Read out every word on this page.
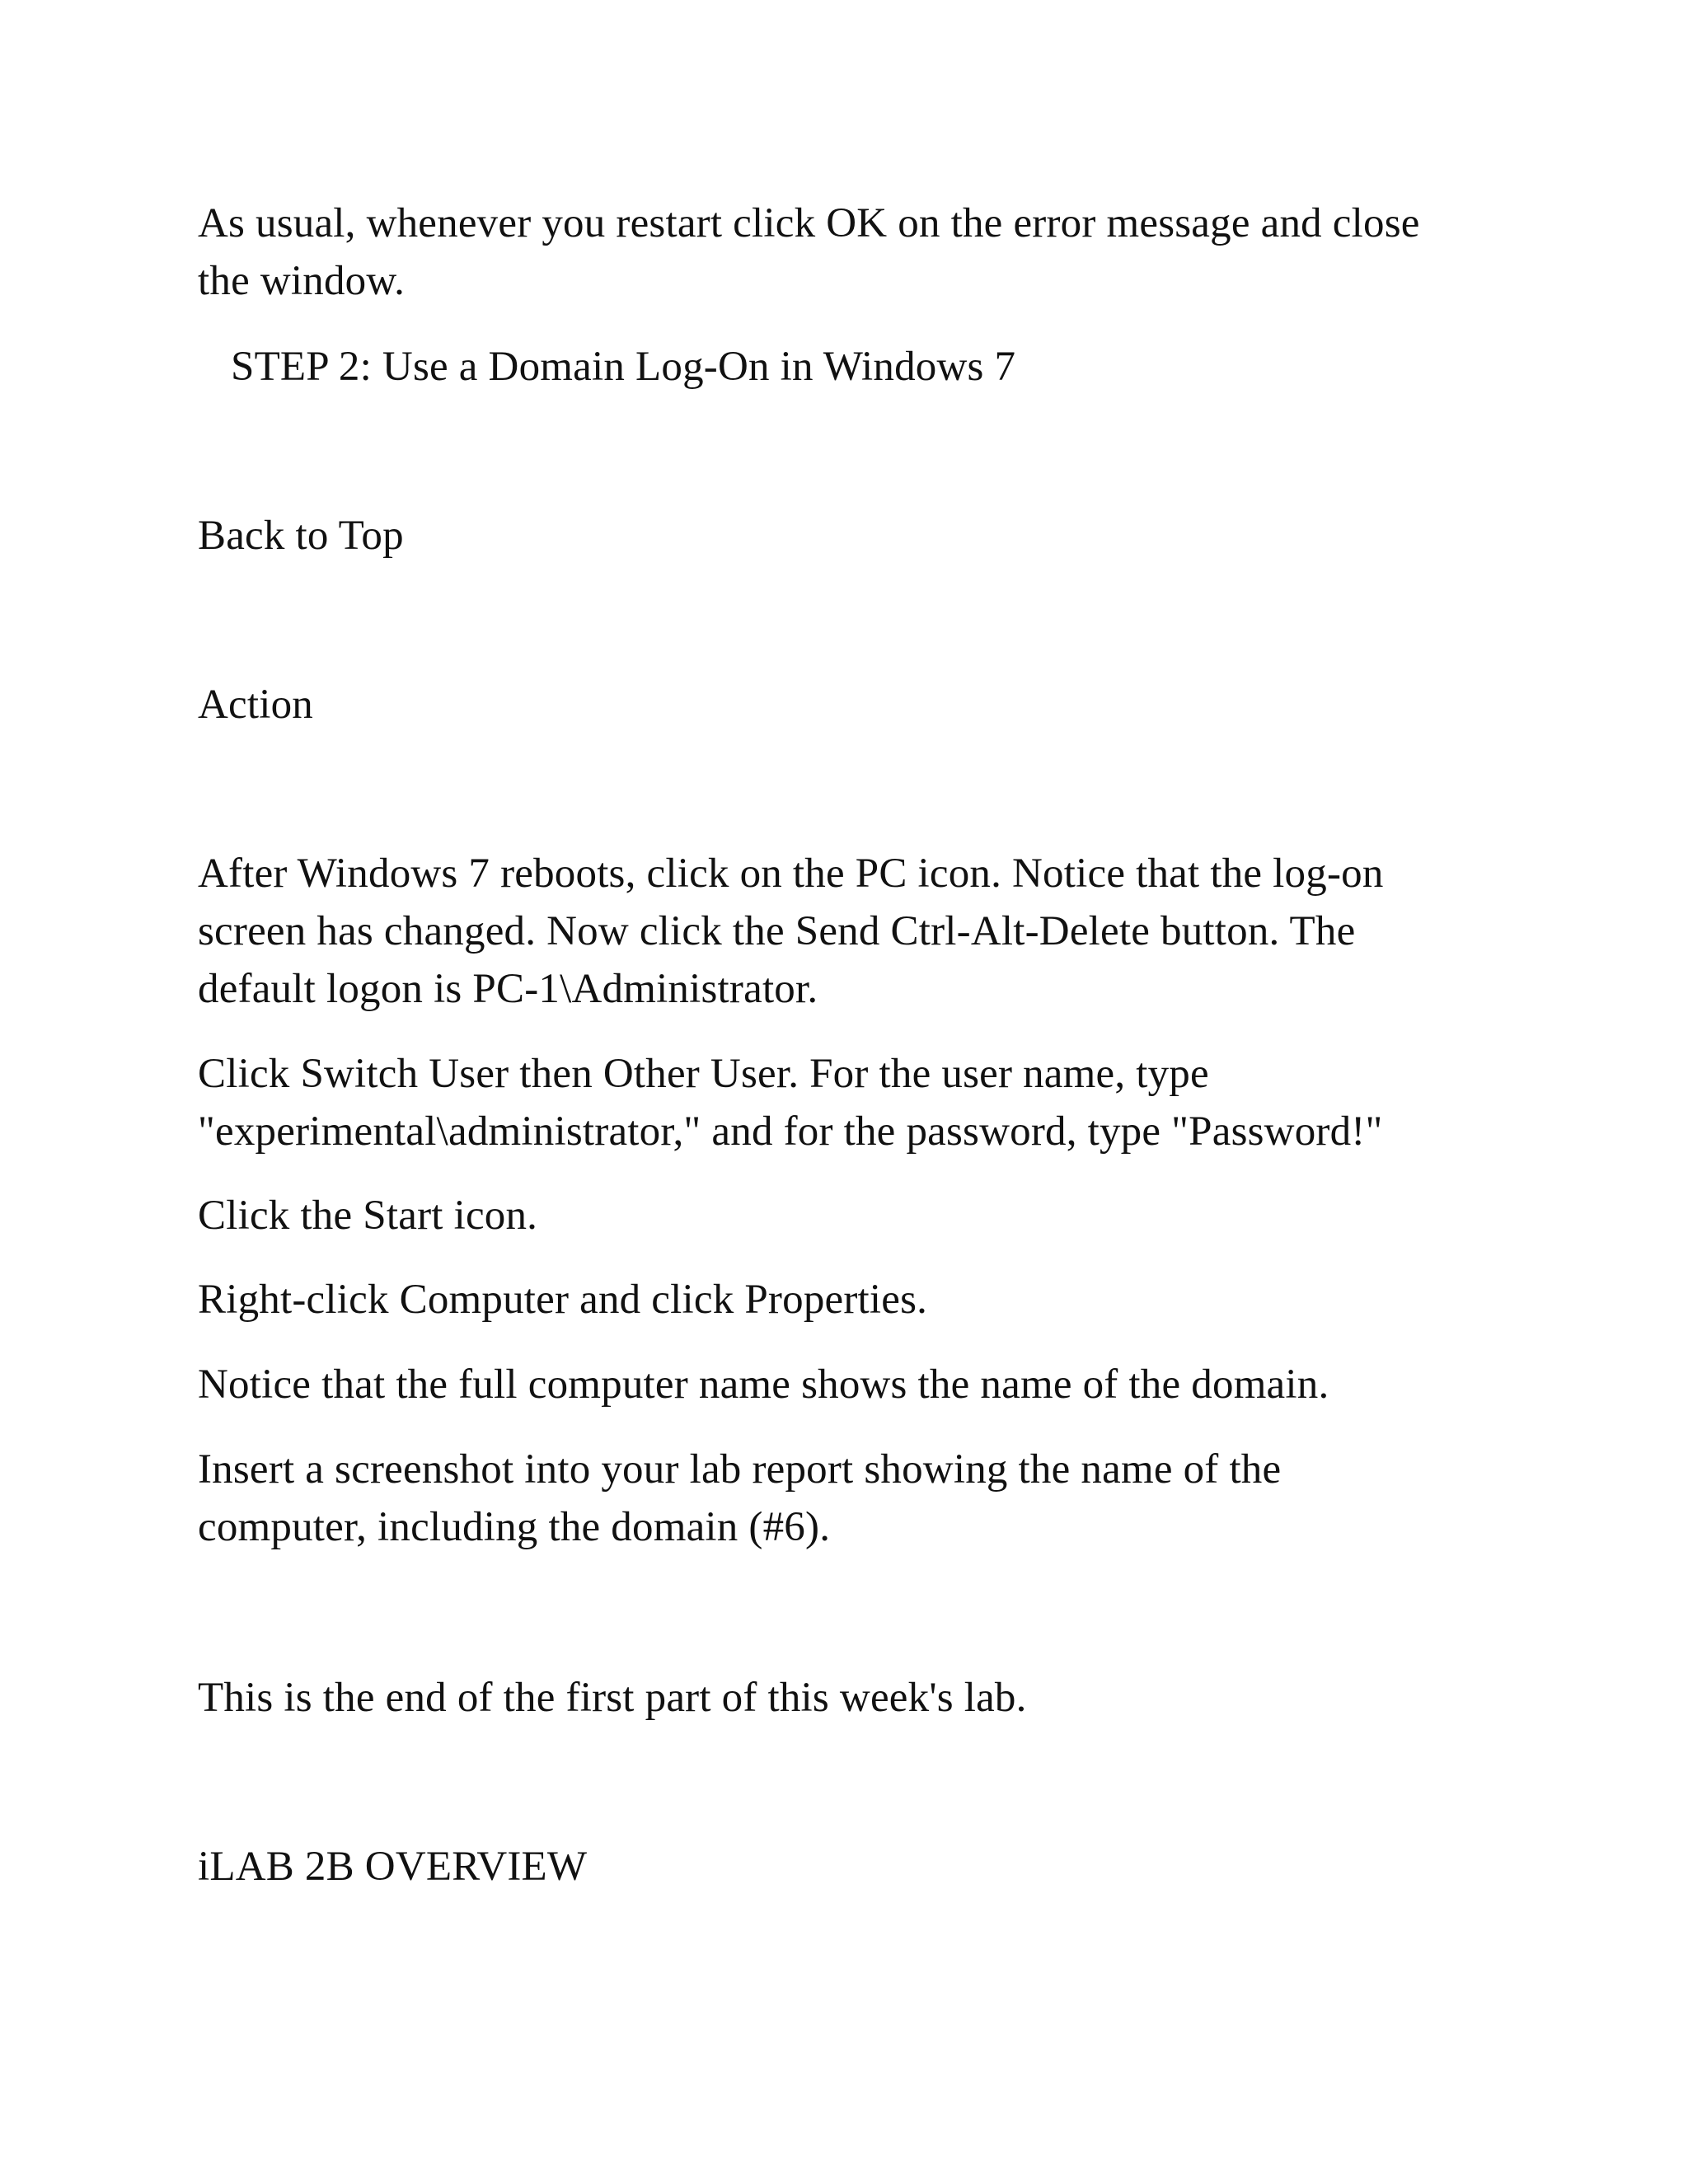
As usual, whenever you restart click OK on the error message and close

the window.

STEP 2: Use a Domain Log-On in Windows 7

Back to Top

Action

After Windows 7 reboots, click on the PC icon. Notice that the log-on

screen has changed. Now click the Send Ctrl-Alt-Delete button. The

default logon is PC-1\Administrator.

Click Switch User then Other User. For the user name, type

"experimental\administrator," and for the password, type "Password!"

Click the Start icon.

Right-click Computer and click Properties.

Notice that the full computer name shows the name of the domain.

Insert a screenshot into your lab report showing the name of the

computer, including the domain (#6).

This is the end of the first part of this week's lab.

iLAB 2B OVERVIEW
